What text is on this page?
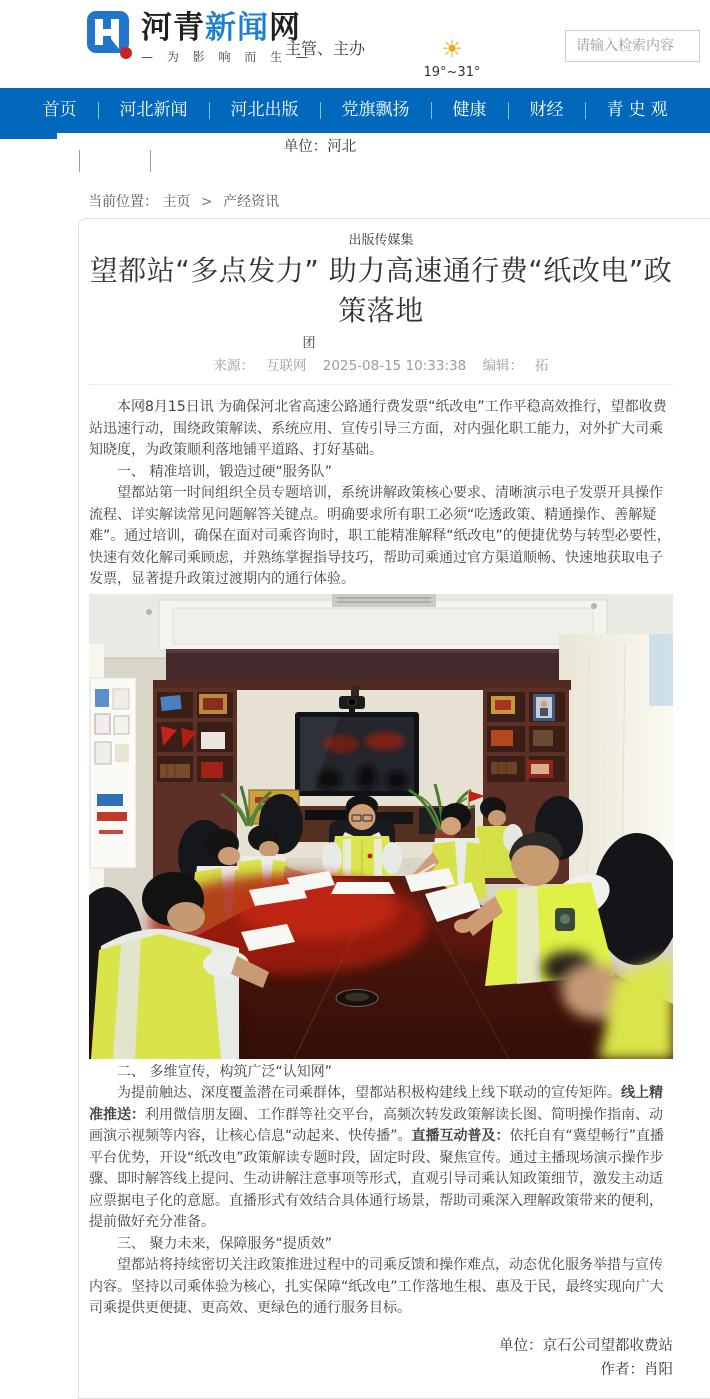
河青新闻网
— 为 影 响 而 生 —
主管、主办	☀
19°~31°
请输入检索内容
首页	河北新闻	河北出版	党旗飘扬	健康	财经	青史观
单位：河北
当前位置： 主页 > 产经资讯
出版传媒集
望都站“多点发力” 助力高速通行费“纸改电”政策落地
团
来源： 互联网 2025-08-15 10:33:38 编辑： 拓

本网8月15日讯 为确保河北省高速公路通行费发票“纸改电”工作平稳高效推行，望都收费站迅速行动，围绕政策解读、系统应用、宣传引导三方面，对内强化职工能力，对外扩大司乘知晓度，为政策顺利落地铺平道路、打好基础。

一、 精准培训，锻造过硬“服务队”

望都站第一时间组织全员专题培训，系统讲解政策核心要求、清晰演示电子发票开具操作流程、详实解读常见问题解答关键点。明确要求所有职工必须“吃透政策、精通操作、善解疑难”。通过培训，确保在面对司乘咨询时，职工能精准解释“纸改电”的便捷优势与转型必要性，快速有效化解司乘顾虑，并熟练掌握指导技巧，帮助司乘通过官方渠道顺畅、快速地获取电子发票，显著提升政策过渡期内的通行体验。

二、 多维宣传，构筑广泛“认知网”

为提前触达、深度覆盖潜在司乘群体，望都站积极构建线上线下联动的宣传矩阵。线上精准推送：利用微信朋友圈、工作群等社交平台，高频次转发政策解读长图、简明操作指南、动画演示视频等内容，让核心信息“动起来、快传播”。直播互动普及：依托自有“冀望畅行”直播平台优势，开设“纸改电”政策解读专题时段，固定时段、聚焦宣传。通过主播现场演示操作步骤、即时解答线上提问、生动讲解注意事项等形式，直观引导司乘认知政策细节，激发主动适应票据电子化的意愿。直播形式有效结合具体通行场景，帮助司乘深入理解政策带来的便利，提前做好充分准备。

三、 聚力未来，保障服务“提质效”

望都站将持续密切关注政策推进过程中的司乘反馈和操作难点，动态优化服务举措与宣传内容。坚持以司乘体验为核心，扎实保障“纸改电”工作落地生根、惠及于民，最终实现向广大司乘提供更便捷、更高效、更绿色的通行服务目标。

单位：京石公司望都收费站
作者：肖阳
